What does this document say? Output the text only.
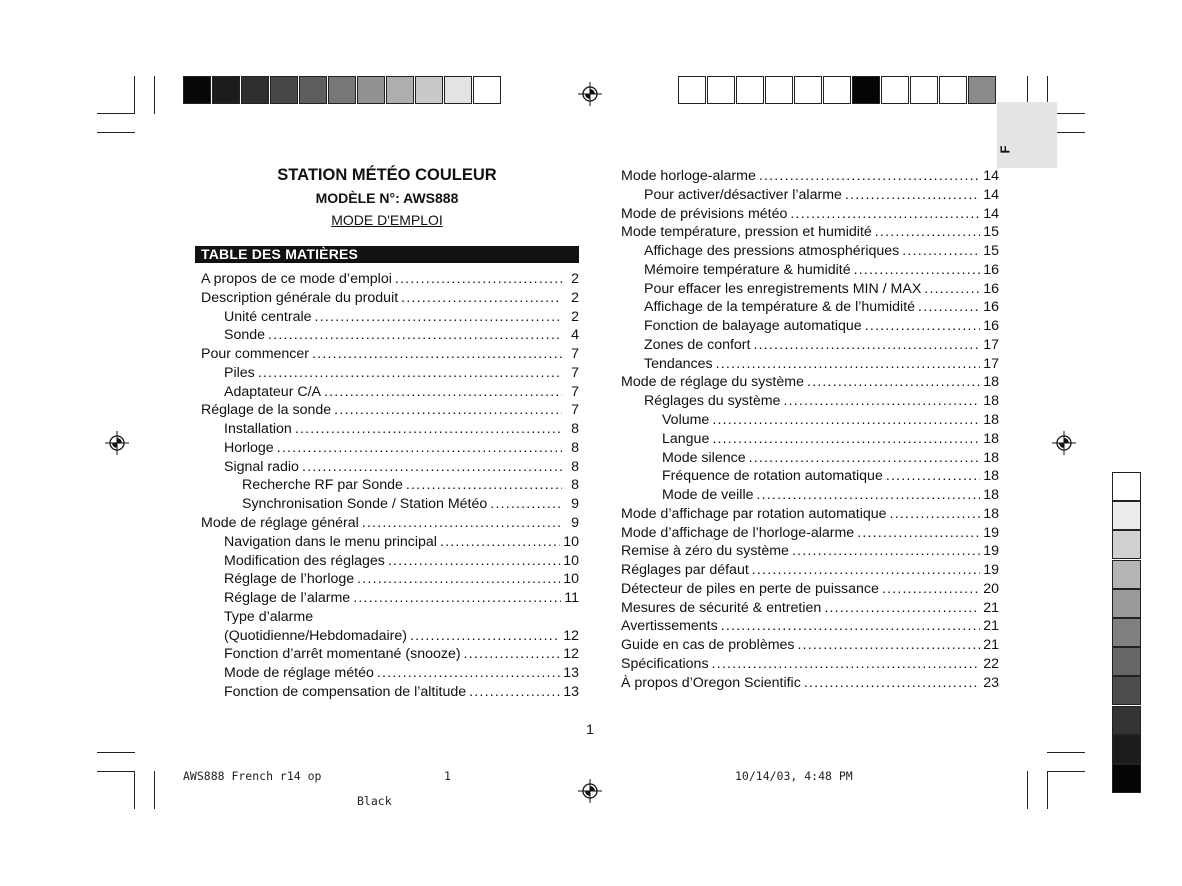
F
STATION MÉTÉO COULEUR
MODÈLE N°: AWS888
MODE D'EMPLOI
TABLE DES MATIÈRES
A propos de ce mode d’emploi .....	2
Description générale du produit .....	2
Unité centrale .....	2
Sonde .....	4
Pour commencer .....	7
Piles .....	7
Adaptateur C/A .....	7
Réglage de la sonde .....	7
Installation .....	8
Horloge .....	8
Signal radio .....	8
Recherche RF par Sonde .....	8
Synchronisation Sonde / Station Météo .....	9
Mode de réglage général .....	9
Navigation dans le menu principal .....	10
Modification des réglages .....	10
Réglage de l’horloge .....	10
Réglage de l’alarme .....	11
Type d’alarme
(Quotidienne/Hebdomadaire) .....	12
Fonction d’arrêt momentané (snooze) .....	12
Mode de réglage météo .....	13
Fonction de compensation de l’altitude .....	13
Mode horloge-alarme .....	14
Pour activer/désactiver l’alarme .....	14
Mode de prévisions météo .....	14
Mode température, pression et humidité .....	15
Affichage des pressions atmosphériques .....	15
Mémoire température & humidité .....	16
Pour effacer les enregistrements MIN / MAX .....	16
Affichage de la température & de l’humidité .....	16
Fonction de balayage automatique .....	16
Zones de confort .....	17
Tendances .....	17
Mode de réglage du système .....	18
Réglages du système .....	18
Volume .....	18
Langue .....	18
Mode silence .....	18
Fréquence de rotation automatique .....	18
Mode de veille .....	18
Mode d’affichage par rotation automatique .....	18
Mode d’affichage de l’horloge-alarme .....	19
Remise à zéro du système .....	19
Réglages par défaut .....	19
Détecteur de piles en perte de puissance .....	20
Mesures de sécurité & entretien .....	21
Avertissements .....	21
Guide en cas de problèmes .....	21
Spécifications .....	22
À propos d’Oregon Scientific .....	23
1
AWS888 French r14 op	1	10/14/03, 4:48 PM
Black
